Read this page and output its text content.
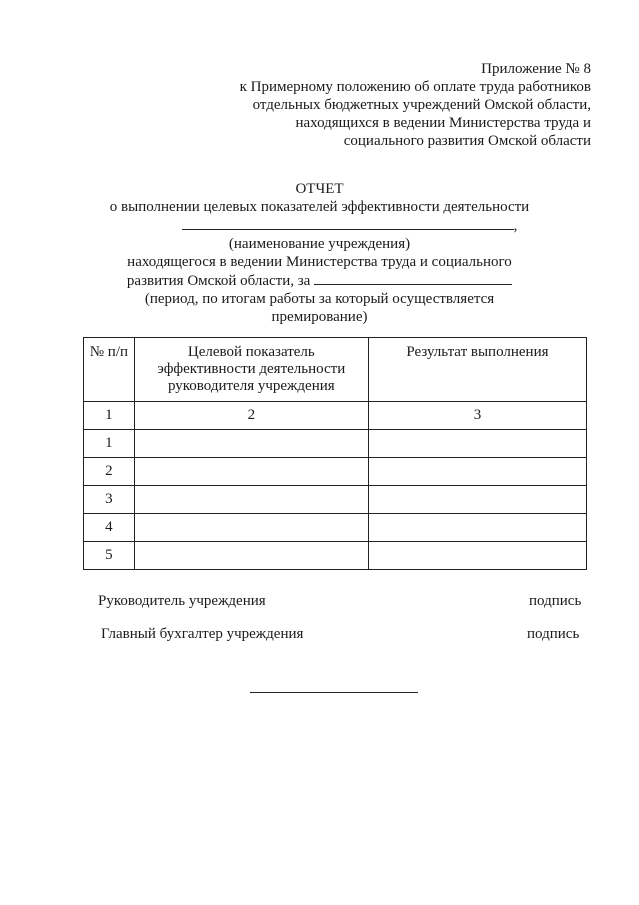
Приложение № 8
к Примерному положению об оплате труда работников
отдельных бюджетных учреждений Омской области,
находящихся в ведении Министерства труда и
социального развития Омской области
ОТЧЕТ
о выполнении целевых показателей эффективности деятельности
,
(наименование учреждения)
находящегося в ведении Министерства труда и социального
развития Омской области, за
(период, по итогам работы за который осуществляется
премирование)
№ п/п	Целевой показатель
эффективности деятельности
руководителя учреждения	Результат выполнения
1	2	3
1		
2		
3		
4		
5		
Руководитель учреждения	подпись
Главный бухгалтер учреждения	подпись
